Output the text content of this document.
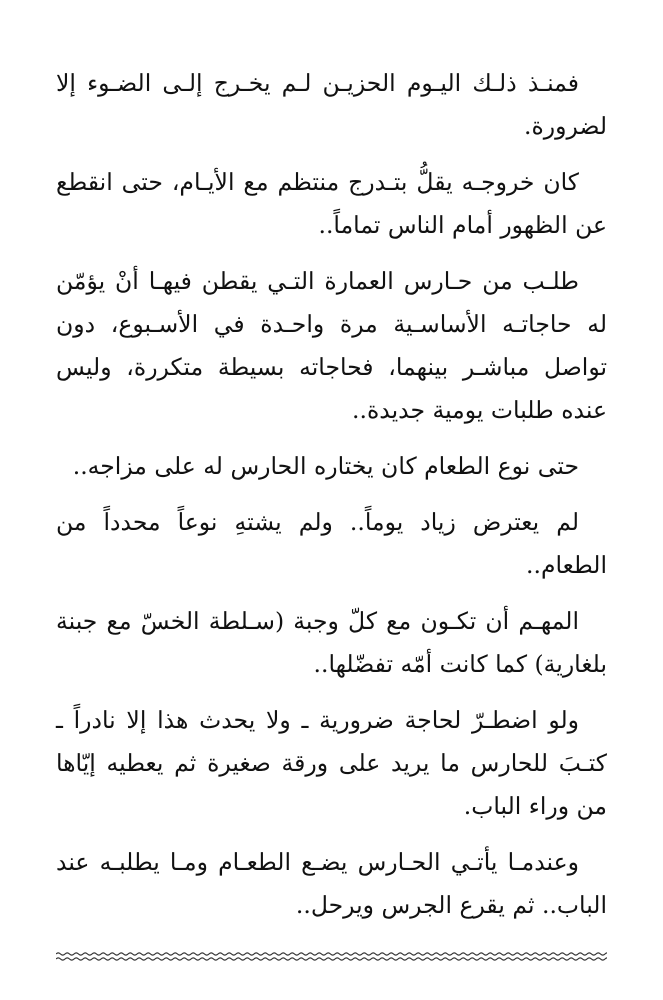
فمنـذ ذلـك اليـوم الحزيـن لـم يخـرج إلـى الضـوء إلا لضرورة.

كان خروجـه يقلُّ بتـدرج منتظم مع الأيـام، حتى انقطع عن الظهور أمام الناس تماماً..

طلـب من حـارس العمارة التـي يقطن فيهـا أنْ يؤمّن له حاجاتـه الأساسـية مرة واحـدة في الأسـبوع، دون تواصل مباشـر بينهما، فحاجاته بسيطة متكررة، وليس عنده طلبات يومية جديدة..

حتى نوع الطعام كان يختاره الحارس له على مزاجه..

لم يعترض زياد يوماً.. ولم يشتهِ نوعاً محدداً من الطعام..

المهـم أن تكـون مع كلّ وجبة (سـلطة الخسّ مع جبنة بلغارية) كما كانت أمّه تفضّلها..

ولو اضطـرّ لحاجة ضرورية ـ ولا يحدث هذا إلا نادراً ـ كتـبَ للحارس ما يريد على ورقة صغيرة ثم يعطيه إيّاها من وراء الباب.

وعندمـا يأتـي الحـارس يضـع الطعـام ومـا يطلبـه عند الباب.. ثم يقرع الجرس ويرحل..
